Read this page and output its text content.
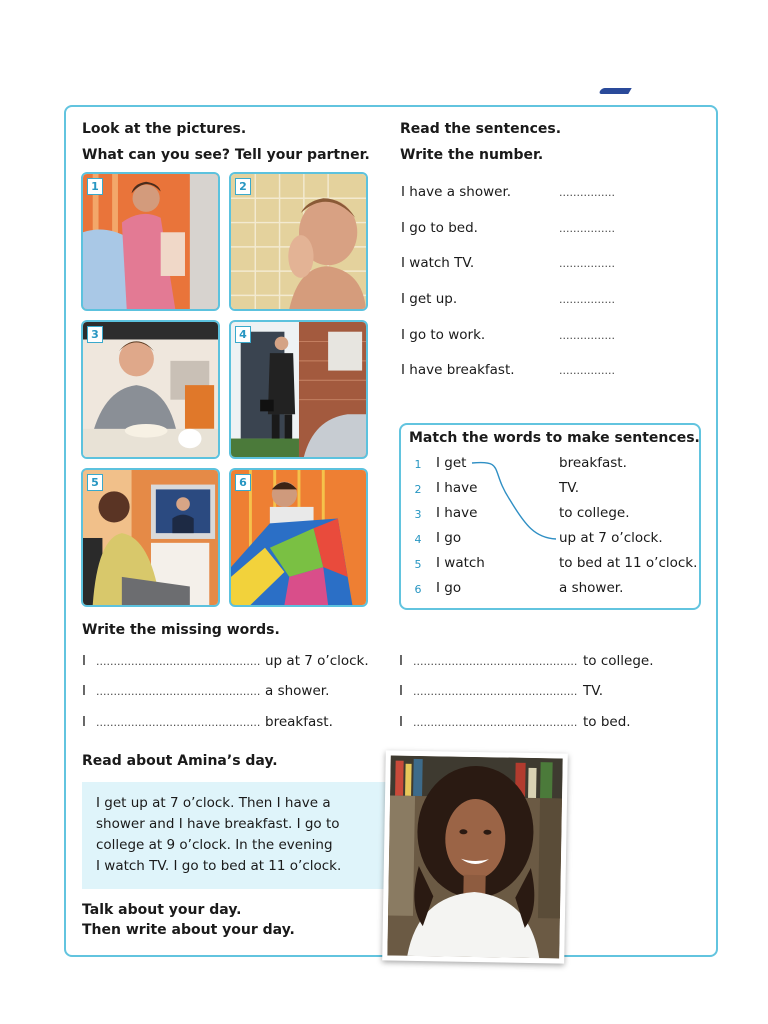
Look at the pictures.
What can you see? Tell your partner.
1	2
3	4
5	6
Read the sentences.
Write the number.
I have a shower.	................
I go to bed.	................
I watch TV.	................
I get up.	................
I go to work.	................
I have breakfast.	................
Match the words to make sentences.
1 I get	breakfast.
2 I have	TV.
3 I have	to college.
4 I go	up at 7 o’clock.
5 I watch	to bed at 11 o’clock.
6 I go	a shower.
Write the missing words.
I ............................................... up at 7 o’clock. I ............................................... to college.
I ............................................... a shower.	I ............................................... TV.
I ............................................... breakfast.	I ............................................... to bed.
Read about Amina’s day.
I get up at 7 o’clock. Then I have a
shower and I have breakfast. I go to
college at 9 o’clock. In the evening
I watch TV. I go to bed at 11 o’clock.
Talk about your day.
Then write about your day.
